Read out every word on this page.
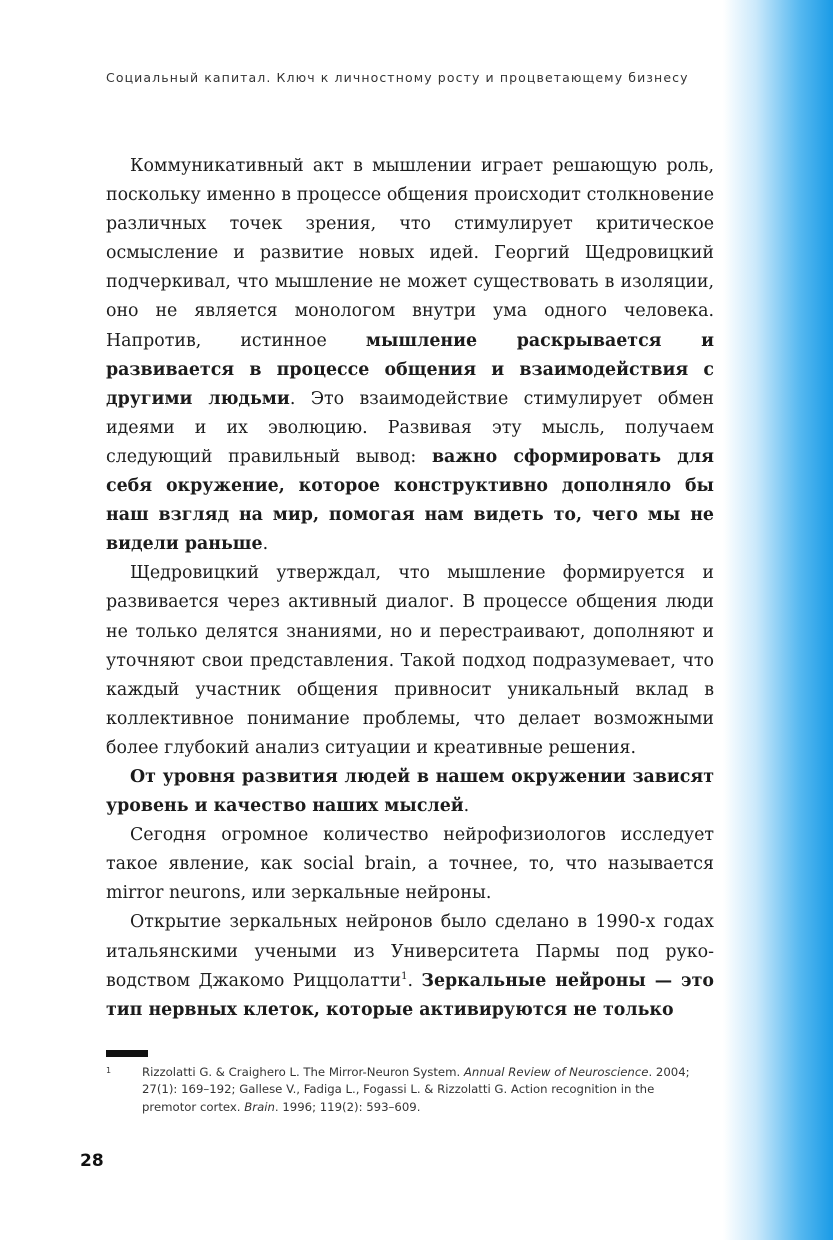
Социальный капитал. Ключ к личностному росту и процветающему бизнесу

Коммуникативный акт в мышлении играет решающую роль, поскольку именно в процессе общения происходит столкновение различных точек зрения, что стимулирует критическое осмысление и развитие новых идей. Георгий Щедровицкий подчеркивал, что мышление не может существовать в изоляции, оно не является монологом внутри ума одного человека. Напротив, истинное мышление раскрывается и развивается в процессе общения и взаимодействия с другими людьми. Это взаимодействие стимулирует обмен идеями и их эволюцию. Развивая эту мысль, получаем следующий правильный вывод: важно сформировать для себя окружение, которое конструктивно дополняло бы наш взгляд на мир, помогая нам видеть то, чего мы не видели раньше.

Щедровицкий утверждал, что мышление формируется и развивается через активный диалог. В процессе общения люди не только делятся знаниями, но и перестраивают, дополняют и уточняют свои представления. Такой подход подразумевает, что каждый участник общения привносит уникальный вклад в коллективное понимание проблемы, что делает возможными более глубокий анализ ситуации и креативные решения.

От уровня развития людей в нашем окружении зависят уровень и качество наших мыслей.

Сегодня огромное количество нейрофизиологов исследует такое явление, как social brain, а точнее, то, что называется mirror neurons, или зеркальные нейроны.

Открытие зеркальных нейронов было сделано в 1990-х годах итальянскими учеными из Университета Пармы под руководством Джакомо Риццолатти$^1$. Зеркальные нейроны — это тип нервных клеток, которые активируются не только

1	Rizzolatti G. & Craighero L. The Mirror-Neuron System. Annual Review of Neuroscience. 2004; 27(1): 169–192; Gallese V., Fadiga L., Fogassi L. & Rizzolatti G. Action recognition in the premotor cortex. Brain. 1996; 119(2): 593–609.
28
